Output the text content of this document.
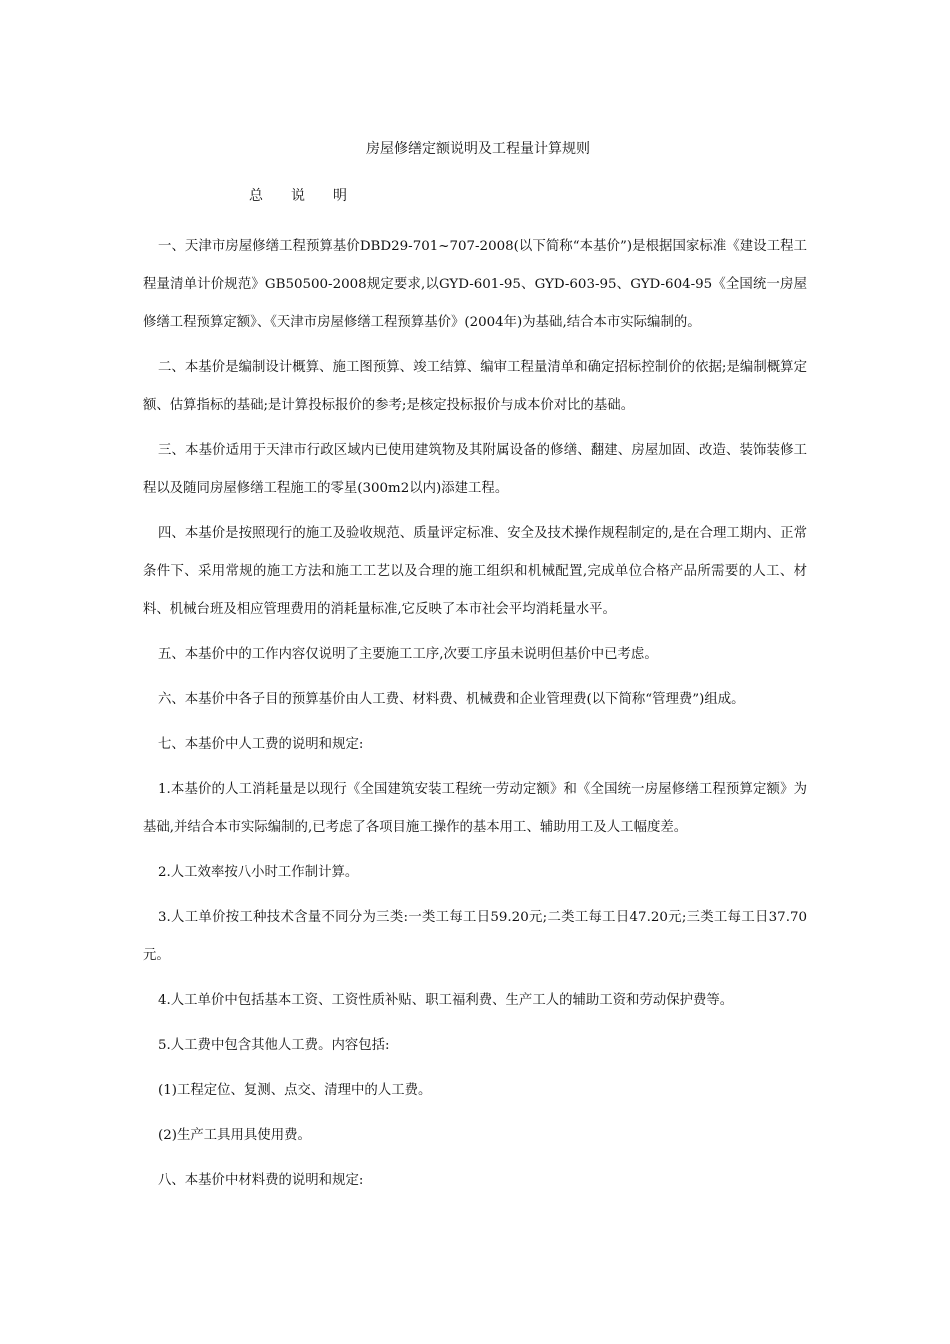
房屋修缮定额说明及工程量计算规则
总说明

一、天津市房屋修缮工程预算基价DBD29-701~707-2008(以下简称“本基价”)是根据国家标准《建设工程工程量清单计价规范》GB50500-2008规定要求,以GYD-601-95、GYD-603-95、GYD-604-95《全国统一房屋修缮工程预算定额》、《天津市房屋修缮工程预算基价》(2004年)为基础,结合本市实际编制的。

二、本基价是编制设计概算、施工图预算、竣工结算、编审工程量清单和确定招标控制价的依据;是编制概算定额、估算指标的基础;是计算投标报价的参考;是核定投标报价与成本价对比的基础。

三、本基价适用于天津市行政区域内已使用建筑物及其附属设备的修缮、翻建、房屋加固、改造、装饰装修工程以及随同房屋修缮工程施工的零星(300m2以内)添建工程。

四、本基价是按照现行的施工及验收规范、质量评定标准、安全及技术操作规程制定的,是在合理工期内、正常条件下、采用常规的施工方法和施工工艺以及合理的施工组织和机械配置,完成单位合格产品所需要的人工、材料、机械台班及相应管理费用的消耗量标准,它反映了本市社会平均消耗量水平。

五、本基价中的工作内容仅说明了主要施工工序,次要工序虽未说明但基价中已考虑。

六、本基价中各子目的预算基价由人工费、材料费、机械费和企业管理费(以下简称“管理费”)组成。

七、本基价中人工费的说明和规定:

1.本基价的人工消耗量是以现行《全国建筑安装工程统一劳动定额》和《全国统一房屋修缮工程预算定额》为基础,并结合本市实际编制的,已考虑了各项目施工操作的基本用工、辅助用工及人工幅度差。

2.人工效率按八小时工作制计算。

3.人工单价按工种技术含量不同分为三类:一类工每工日59.20元;二类工每工日47.20元;三类工每工日37.70元。

4.人工单价中包括基本工资、工资性质补贴、职工福利费、生产工人的辅助工资和劳动保护费等。

5.人工费中包含其他人工费。内容包括:

(1)工程定位、复测、点交、清理中的人工费。

(2)生产工具用具使用费。

八、本基价中材料费的说明和规定:
